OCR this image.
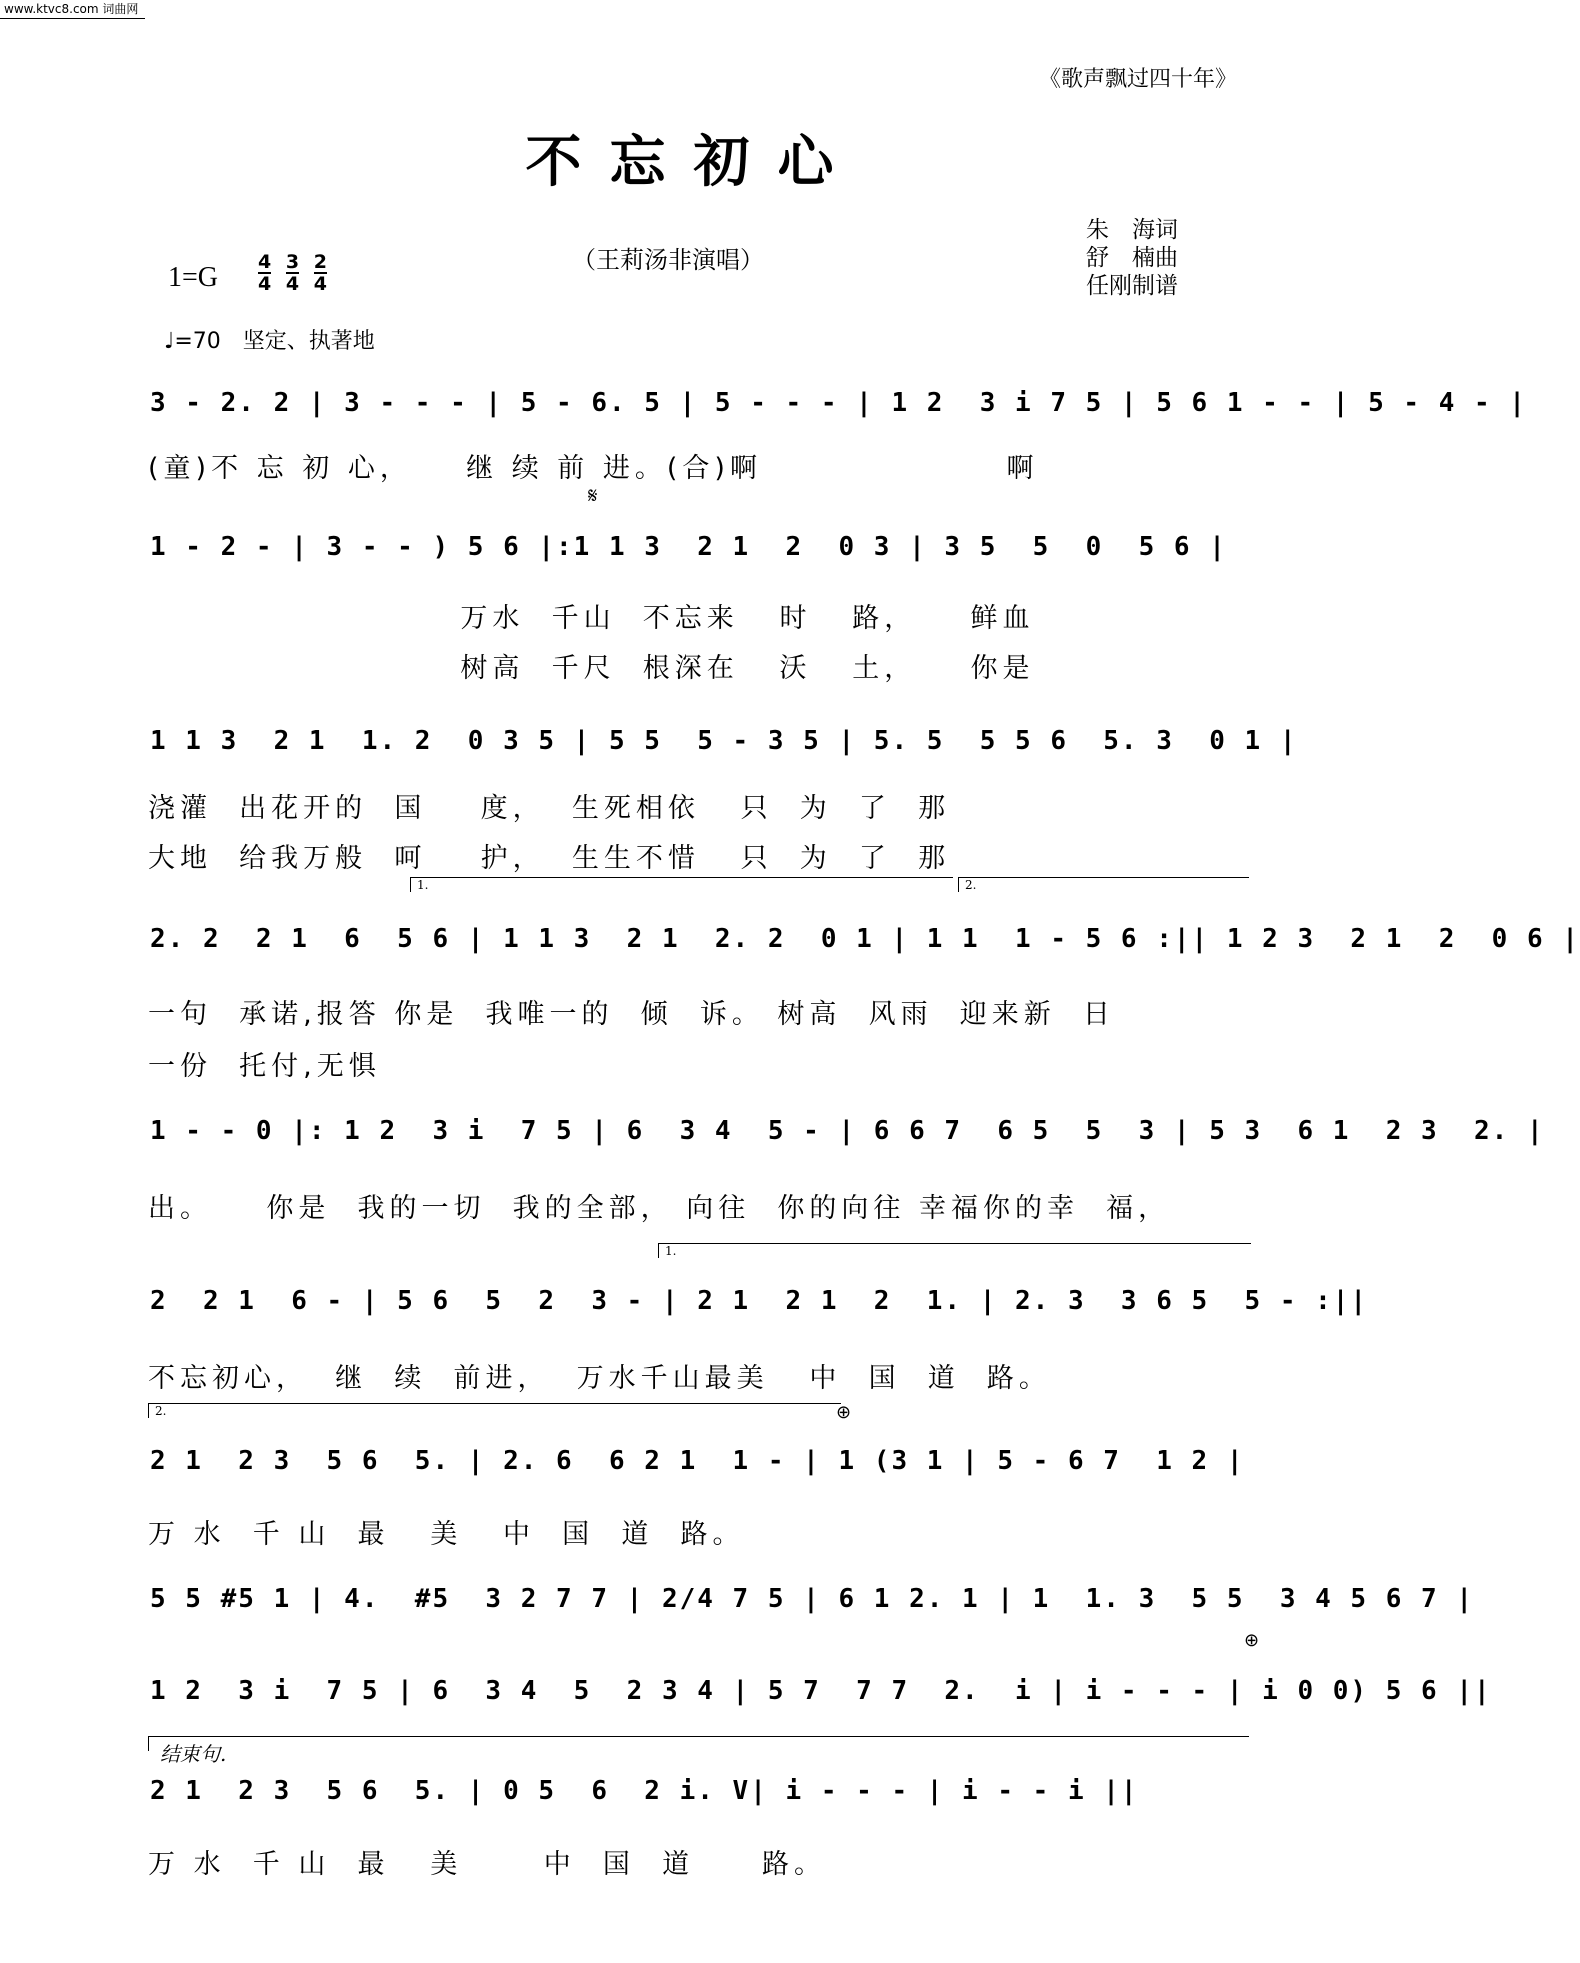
www.ktvc8.com 词曲网
《歌声飘过四十年》
不忘初心
朱　海词
舒　楠曲
任刚制谱
（王莉汤非演唱）
$1=G \frac{4}{4}$
$\frac{3}{4}$
$\frac{2}{4}$
♩=70　坚定、执著地
3 - 2. 2 | 3 - - - | 5 - 6. 5 | 5 - - - | 1 2  3 i 7 5 | 5 6 1 - - | 5 - 4 - |
(童)不 忘 初 心，    继 续 前 进。(合)啊                  啊
𝄋
1 - 2 - | 3 - - ) 5 6 |:1 1 3  2 1  2  0 3 | 3 5  5  0  5 6 |
万水  千山  不忘来   时   路，    鲜血
树高  千尺  根深在   沃   土，    你是
1 1 3  2 1  1. 2  0 3 5 | 5 5  5 - 3 5 | 5. 5  5 5 6  5. 3  0 1 |
浇灌  出花开的  国    度，  生死相依   只  为  了  那
大地  给我万般  呵    护，  生生不惜   只  为  了  那
1.	2.
2. 2  2 1  6  5 6 | 1 1 3  2 1  2. 2  0 1 | 1 1  1 - 5 6 :|| 1 2 3  2 1  2  0 6 |
一句  承诺,报答 你是  我唯一的  倾  诉。 树高  风雨  迎来新  日
一份  托付,无惧
1 - - 0 |: 1 2  3 i  7 5 | 6  3 4  5 - | 6 6 7  6 5  5  3 | 5 3  6 1  2 3  2. |
出。    你是  我的一切  我的全部， 向往  你的向往 幸福你的幸  福，
1.
2  2 1  6 - | 5 6  5  2  3 - | 2 1  2 1  2  1. | 2. 3  3 6 5  5 - :||
不忘初心，  继  续  前进，  万水千山最美   中  国  道  路。
2.	⊕
2 1  2 3  5 6  5. | 2. 6  6 2 1  1 - | 1 (3 1 | 5 - 6 7  1 2 |
万 水  千 山  最   美   中  国  道  路。
5 5 #5 1 | 4.  #5  3 2 7 7 | 2/4 7 5 | 6 1 2. 1 | 1  1. 3  5 5  3 4 5 6 7 |
⊕
1 2  3 i  7 5 | 6  3 4  5  2 3 4 | 5 7  7 7  2.  i | i - - - | i 0 0) 5 6 ||
结束句.
2 1  2 3  5 6  5. | 0 5  6  2 i. V| i - - - | i - - i ||
万 水  千 山  最   美      中  国  道     路。
